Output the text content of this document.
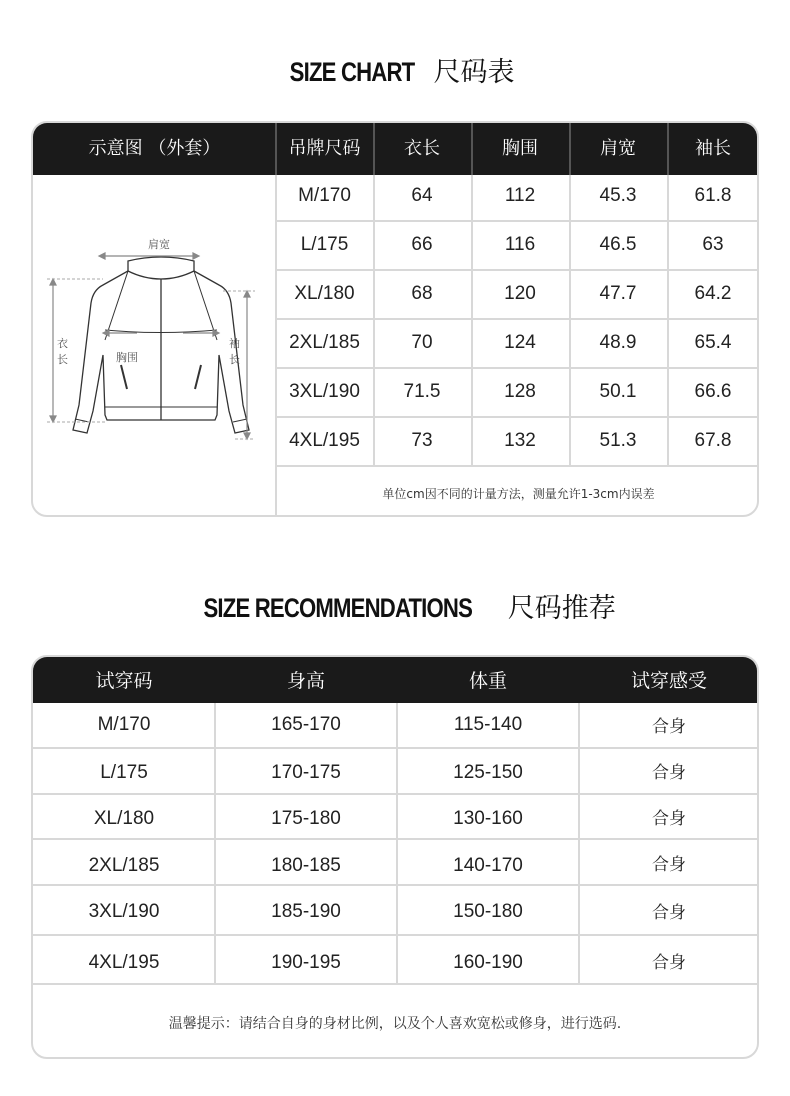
SIZE CHART 尺码表
示意图 （外套）	吊牌尺码	衣长	胸围	肩宽	袖长
肩宽
胸围
衣
长
袖
长
M/170	64	112	45.3	61.8
L/175	66	116	46.5	63
XL/180	68	120	47.7	64.2
2XL/185	70	124	48.9	65.4
3XL/190	71.5	128	50.1	66.6
4XL/195	73	132	51.3	67.8
单位cm因不同的计量方法，测量允许1-3cm内误差
SIZE RECOMMENDATIONS 尺码推荐
试穿码	身高	体重	试穿感受
M/170	165-170	115-140	合身
L/175	170-175	125-150	合身
XL/180	175-180	130-160	合身
2XL/185	180-185	140-170	合身
3XL/190	185-190	150-180	合身
4XL/195	190-195	160-190	合身
温馨提示：请结合自身的身材比例，以及个人喜欢宽松或修身，进行选码.
